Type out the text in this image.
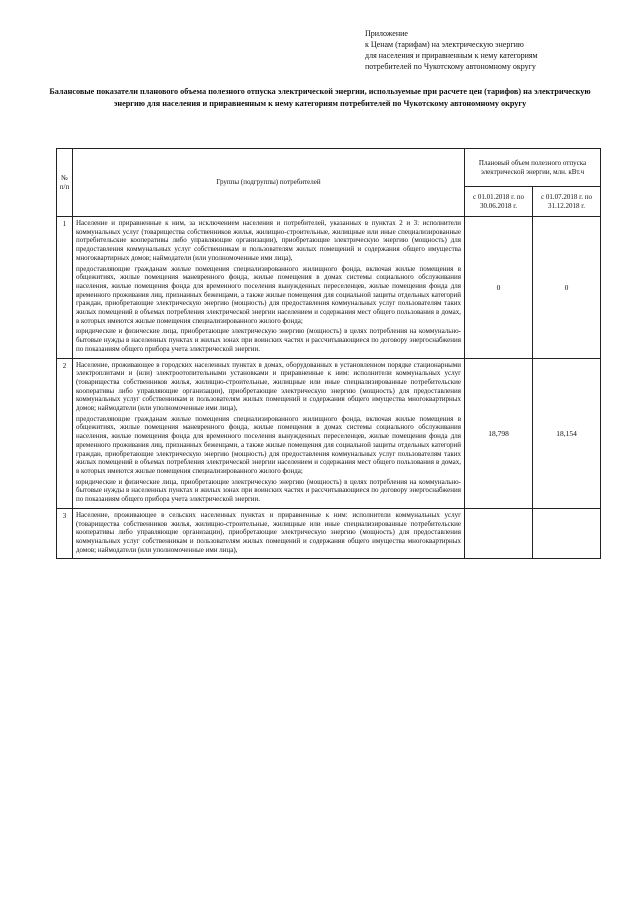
Приложение
к Ценам (тарифам) на электрическую энергию
для населения и приравненным к нему категориям
потребителей по Чукотскому автономному округу
Балансовые показатели планового объема полезного отпуска электрической энергии, используемые при расчете цен (тарифов) на электрическую энергию для населения и приравненным к нему категориям потребителей по Чукотскому автономному округу
№ п/п	Группы (подгруппы) потребителей	Плановый объем полезного отпуска электрической энергии, млн. кВт.ч	
		с 01.01.2018 г. по 30.06.2018 г.	с 01.07.2018 г. по 31.12.2018 г.
1	Население и приравненные к ним, за исключением населения и потребителей, указанных в пунктах 2 и 3: исполнители коммунальных услуг (товарищества собственников жилья, жилищно-строительные, жилищные или иные специализированные потребительские кооперативы либо управляющие организации), приобретающие электрическую энергию (мощность) для предоставления коммунальных услуг собственникам и пользователям жилых помещений и содержания общего имущества многоквартирных домов; наймодатели (или уполномоченные ими лица),

предоставляющие гражданам жилые помещения специализированного жилищного фонда, включая жилые помещения в общежитиях, жилые помещения маневренного фонда, жилые помещения в домах системы социального обслуживания населения, жилые помещения фонда для временного поселения вынужденных переселенцев, жилые помещения фонда для временного проживания лиц, признанных беженцами, а также жилые помещения для социальной защиты отдельных категорий граждан, приобретающие электрическую энергию (мощность) для предоставления коммунальных услуг пользователям таких жилых помещений в объемах потребления электрической энергии населением и содержания мест общего пользования в домах, в которых имеются жилые помещения специализированного жилого фонда;

юридические и физические лица, приобретающие электрическую энергию (мощность) в целях потребления на коммунально-бытовые нужды в населенных пунктах и жилых зонах при воинских частях и рассчитывающиеся по договору энергоснабжения по показаниям общего прибора учета электрической энергии.	0	0
2	Население, проживающее в городских населенных пунктах в домах, оборудованных в установленном порядке стационарными электроплитами и (или) электроотопительными установками и приравненные к ним: исполнители коммунальных услуг (товарищества собственников жилья, жилищно-строительные, жилищные или иные специализированные потребительские кооперативы либо управляющие организации), приобретающие электрическую энергию (мощность) для предоставления коммунальных услуг собственникам и пользователям жилых помещений и содержания общего имущества многоквартирных домов; наймодатели (или уполномоченные ими лица),

предоставляющие гражданам жилые помещения специализированного жилищного фонда, включая жилые помещения в общежитиях, жилые помещения маневренного фонда, жилые помещения в домах системы социального обслуживания населения, жилые помещения фонда для временного поселения вынужденных переселенцев, жилые помещения фонда для временного проживания лиц, признанных беженцами, а также жилые помещения для социальной защиты отдельных категорий граждан, приобретающие электрическую энергию (мощность) для предоставления коммунальных услуг пользователям таких жилых помещений в объемах потребления электрической энергии населением и содержания мест общего пользования в домах, в которых имеются жилые помещения специализированного жилого фонда;

юридические и физические лица, приобретающие электрическую энергию (мощность) в целях потребления на коммунально-бытовые нужды в населенных пунктах и жилых зонах при воинских частях и рассчитывающиеся по договору энергоснабжения по показаниям общего прибора учета электрической энергии.	18,798	18,154
3	Население, проживающее в сельских населенных пунктах и приравненные к ним: исполнители коммунальных услуг (товарищества собственников жилья, жилищно-строительные, жилищные или иные специализированные потребительские кооперативы либо управляющие организации), приобретающие электрическую энергию (мощность) для предоставления коммунальных услуг собственникам и пользователям жилых помещений и содержания общего имущества многоквартирных домов; наймодатели (или уполномоченные ими лица),		
